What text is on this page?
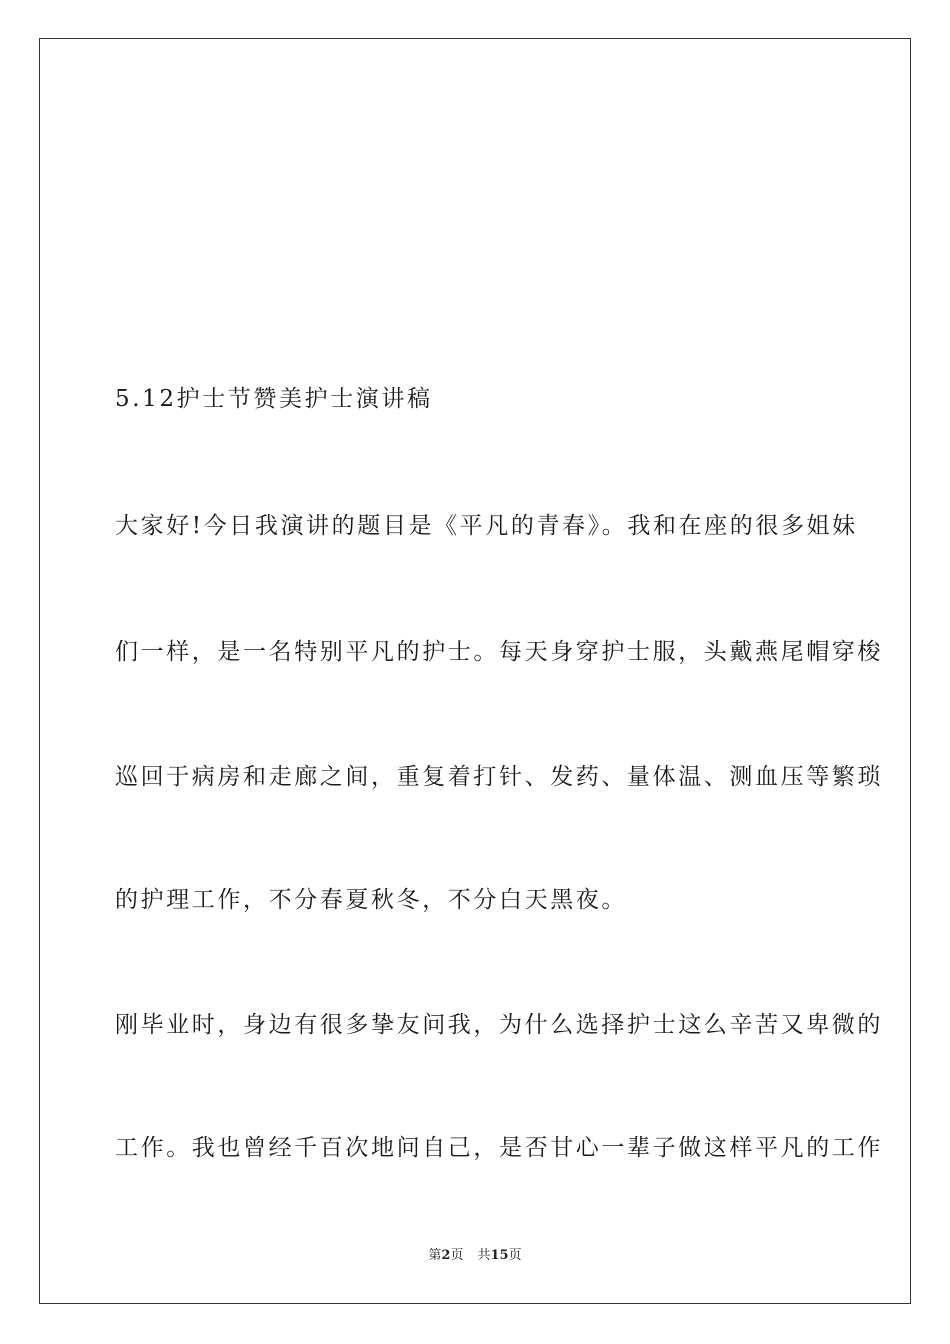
5.12护士节赞美护士演讲稿
大家好!今日我演讲的题目是《平凡的青春》。我和在座的很多姐妹
们一样，是一名特别平凡的护士。每天身穿护士服，头戴燕尾帽穿梭
巡回于病房和走廊之间，重复着打针、发药、量体温、测血压等繁琐
的护理工作，不分春夏秋冬，不分白天黑夜。
刚毕业时，身边有很多挚友问我，为什么选择护士这么辛苦又卑微的
工作。我也曾经千百次地问自己，是否甘心一辈子做这样平凡的工作
第2页 共15页
